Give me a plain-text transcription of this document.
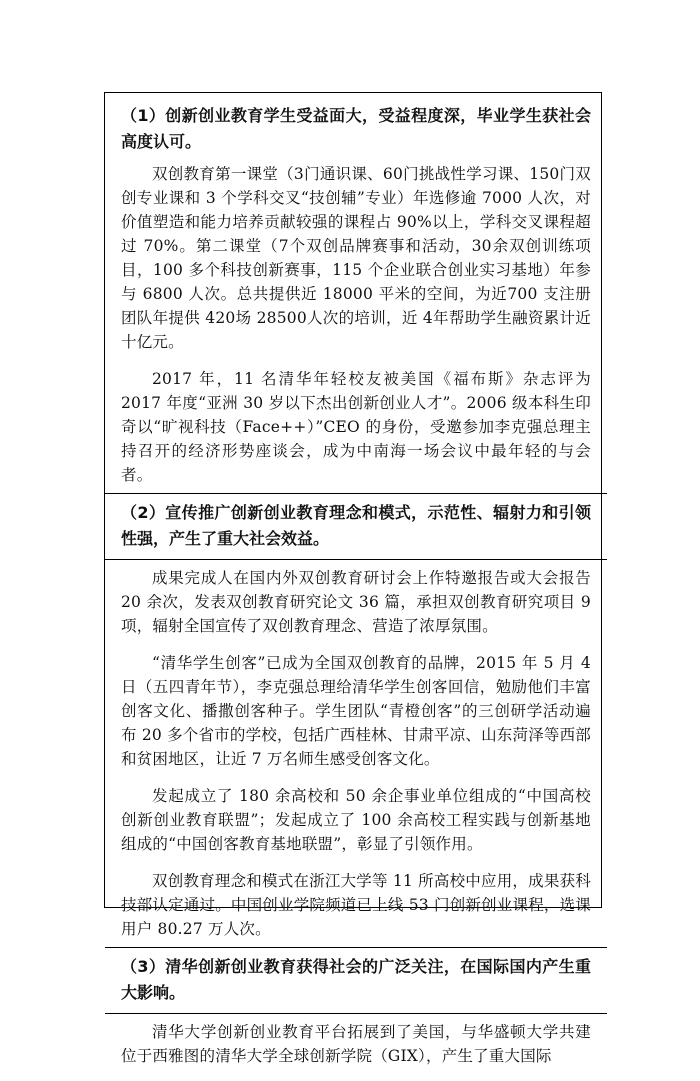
（1）创新创业教育学生受益面大，受益程度深，毕业学生获社会高度认可。
双创教育第一课堂（3门通识课、60门挑战性学习课、150门双创专业课和 3 个学科交叉“技创辅”专业）年选修逾 7000 人次，对价值塑造和能力培养贡献较强的课程占 90%以上，学科交叉课程超过 70%。第二课堂（7个双创品牌赛事和活动，30余双创训练项目，100 多个科技创新赛事，115 个企业联合创业实习基地）年参与 6800 人次。总共提供近 18000 平米的空间，为近700 支注册团队年提供 420场 28500人次的培训，近 4年帮助学生融资累计近十亿元。
2017 年，11 名清华年轻校友被美国《福布斯》杂志评为 2017 年度“亚洲 30 岁以下杰出创新创业人才”。2006 级本科生印奇以“旷视科技（Face++）”CEO 的身份，受邀参加李克强总理主持召开的经济形势座谈会，成为中南海一场会议中最年轻的与会者。
（2）宣传推广创新创业教育理念和模式，示范性、辐射力和引领性强，产生了重大社会效益。
成果完成人在国内外双创教育研讨会上作特邀报告或大会报告 20 余次，发表双创教育研究论文 36 篇，承担双创教育研究项目 9 项，辐射全国宣传了双创教育理念、营造了浓厚氛围。
“清华学生创客”已成为全国双创教育的品牌，2015 年 5 月 4 日（五四青年节），李克强总理给清华学生创客回信，勉励他们丰富创客文化、播撒创客种子。学生团队“青橙创客”的三创研学活动遍布 20 多个省市的学校，包括广西桂林、甘肃平凉、山东菏泽等西部和贫困地区，让近 7 万名师生感受创客文化。
发起成立了 180 余高校和 50 余企事业单位组成的“中国高校创新创业教育联盟”；发起成立了 100 余高校工程实践与创新基地组成的“中国创客教育基地联盟”，彰显了引领作用。
双创教育理念和模式在浙江大学等 11 所高校中应用，成果获科技部认定通过。中国创业学院频道已上线 53 门创新创业课程，选课用户 80.27 万人次。
（3）清华创新创业教育获得社会的广泛关注，在国际国内产生重大影响。
清华大学创新创业教育平台拓展到了美国，与华盛顿大学共建位于西雅图的清华大学全球创新学院（GIX），产生了重大国际
